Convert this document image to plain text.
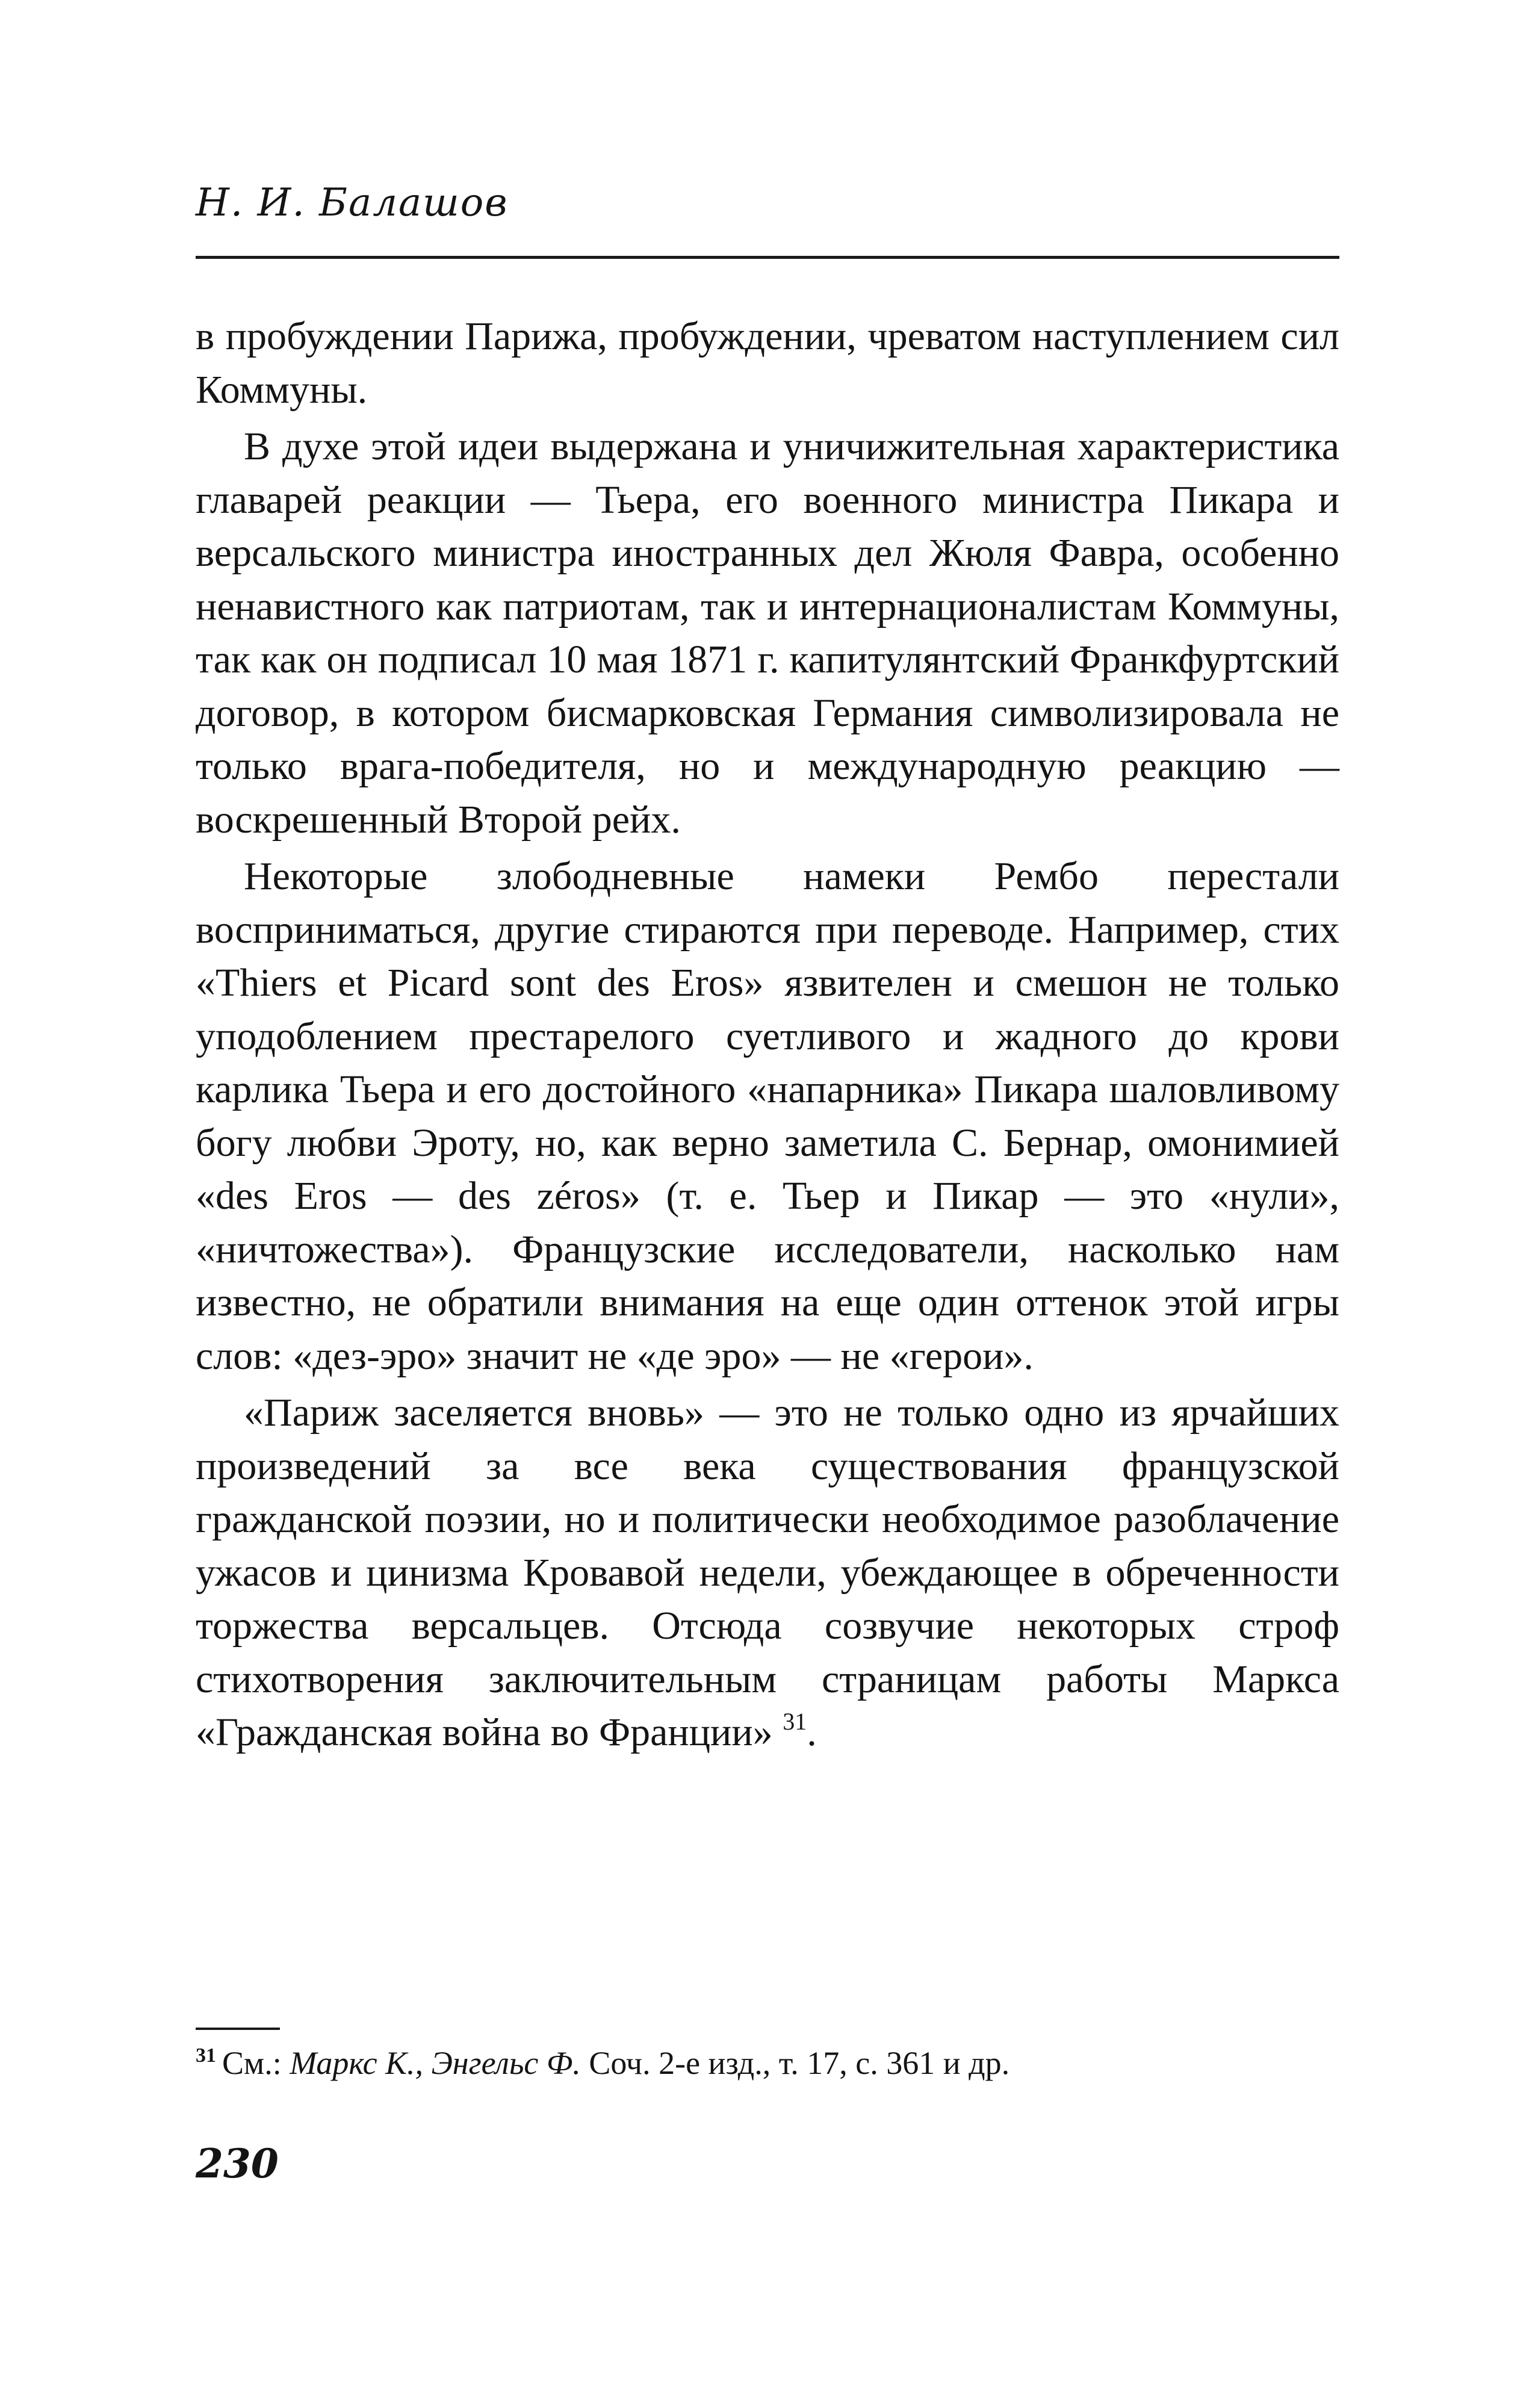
Н. И. Балашов

в пробуждении Парижа, пробуждении, чреватом наступлением сил Коммуны.

В духе этой идеи выдержана и уничижительная характеристика главарей реакции — Тьера, его военного министра Пикара и версальского министра иностранных дел Жюля Фавра, особенно ненавистного как патриотам, так и интернационалистам Коммуны, так как он подписал 10 мая 1871 г. капитулянтский Франкфуртский договор, в котором бисмарковская Германия символизировала не только врага-победителя, но и международную реакцию — воскрешенный Второй рейх.

Некоторые злободневные намеки Рембо перестали восприниматься, другие стираются при переводе. Например, стих «Thiers et Picard sont des Eros» язвителен и смешон не только уподоблением престарелого суетливого и жадного до крови карлика Тьера и его достойного «напарника» Пикара шаловливому богу любви Эроту, но, как верно заметила С. Бернар, омонимией «des Eros — des zéros» (т. е. Тьер и Пикар — это «нули», «ничтожества»). Французские исследователи, насколько нам известно, не обратили внимания на еще один оттенок этой игры слов: «дез-эро» значит не «де эро» — не «герои».

«Париж заселяется вновь» — это не только одно из ярчайших произведений за все века существования французской гражданской поэзии, но и политически необходимое разоблачение ужасов и цинизма Кровавой недели, убеждающее в обреченности торжества версальцев. Отсюда созвучие некоторых строф стихотворения заключительным страницам работы Маркса «Гражданская война во Франции» $^{31}$.

$^{31}$ См.: Маркс К., Энгельс Ф. Соч. 2-е изд., т. 17, с. 361 и др.
230
